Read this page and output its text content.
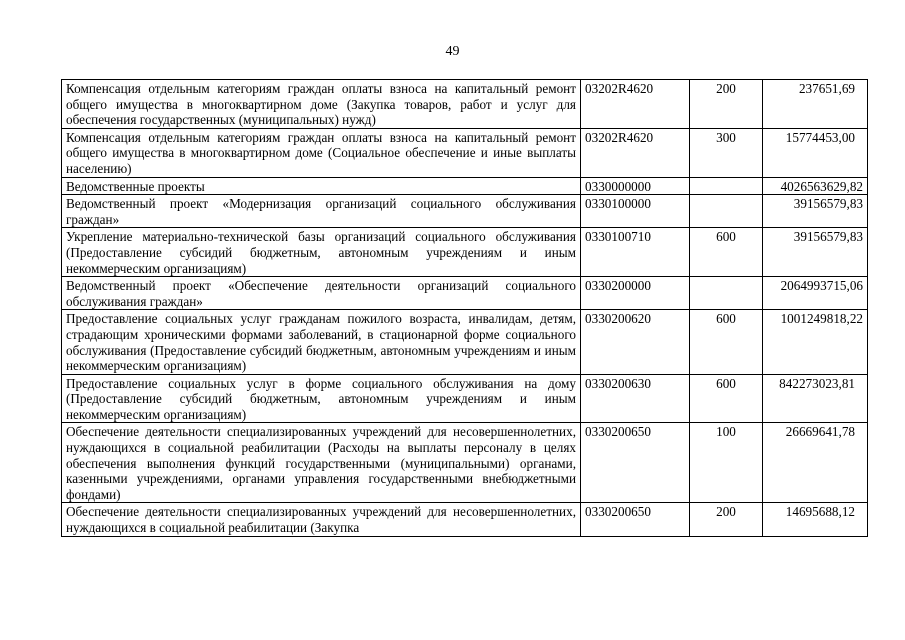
49
Компенсация отдельным категориям граждан оплаты взноса на капитальный ремонт общего имущества в многоквартирном доме (Закупка товаров, работ и услуг для обеспечения государственных (муниципальных) нужд)	03202R4620	200	237651,69
Компенсация отдельным категориям граждан оплаты взноса на капитальный ремонт общего имущества в многоквартирном доме (Социальное обеспечение и иные выплаты населению)	03202R4620	300	15774453,00
Ведомственные проекты	0330000000		4026563629,82
Ведомственный проект «Модернизация организаций социального обслуживания граждан»	0330100000		39156579,83
Укрепление материально-технической базы организаций социального обслуживания (Предоставление субсидий бюджетным, автономным учреждениям и иным некоммерческим организациям)	0330100710	600	39156579,83
Ведомственный проект «Обеспечение деятельности организаций социального обслуживания граждан»	0330200000		2064993715,06
Предоставление социальных услуг гражданам пожилого возраста, инвалидам, детям, страдающим хроническими формами заболеваний, в стационарной форме социального обслуживания (Предоставление субсидий бюджетным, автономным учреждениям и иным некоммерческим организациям)	0330200620	600	1001249818,22
Предоставление социальных услуг в форме социального обслуживания на дому (Предоставление субсидий бюджетным, автономным учреждениям и иным некоммерческим организациям)	0330200630	600	842273023,81
Обеспечение деятельности специализированных учреждений для несовершеннолетних, нуждающихся в социальной реабилитации (Расходы на выплаты персоналу в целях обеспечения выполнения функций государственными (муниципальными) органами, казенными учреждениями, органами управления государственными внебюджетными фондами)	0330200650	100	26669641,78
Обеспечение деятельности специализированных учреждений для несовершеннолетних, нуждающихся в социальной реабилитации (Закупка	0330200650	200	14695688,12
